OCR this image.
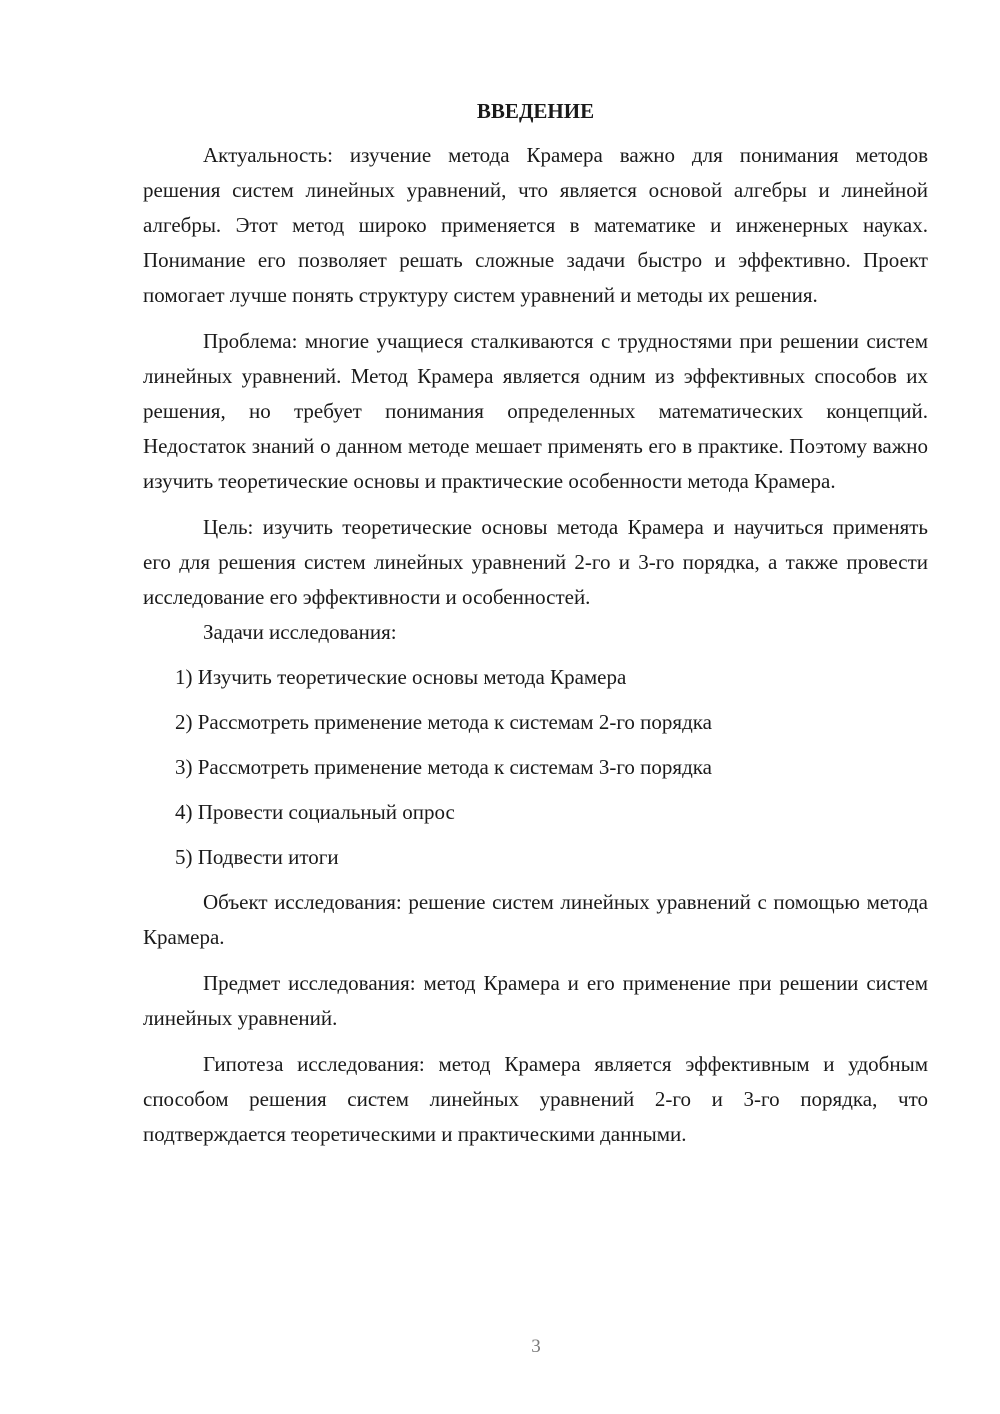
ВВЕДЕНИЕ

Актуальность: изучение метода Крамера важно для понимания методов решения систем линейных уравнений, что является основой алгебры и линейной алгебры. Этот метод широко применяется в математике и инженерных науках. Понимание его позволяет решать сложные задачи быстро и эффективно. Проект помогает лучше понять структуру систем уравнений и методы их решения.

Проблема: многие учащиеся сталкиваются с трудностями при решении систем линейных уравнений. Метод Крамера является одним из эффективных способов их решения, но требует понимания определенных математических концепций. Недостаток знаний о данном методе мешает применять его в практике. Поэтому важно изучить теоретические основы и практические особенности метода Крамера.

Цель: изучить теоретические основы метода Крамера и научиться применять его для решения систем линейных уравнений 2-го и 3-го порядка, а также провести исследование его эффективности и особенностей.

Задачи исследования:

1) Изучить теоретические основы метода Крамера
2) Рассмотреть применение метода к системам 2-го порядка
3) Рассмотреть применение метода к системам 3-го порядка
4) Провести социальный опрос
5) Подвести итоги

Объект исследования: решение систем линейных уравнений с помощью метода Крамера.

Предмет исследования: метод Крамера и его применение при решении систем линейных уравнений.

Гипотеза исследования: метод Крамера является эффективным и удобным способом решения систем линейных уравнений 2-го и 3-го порядка, что подтверждается теоретическими и практическими данными.

3
